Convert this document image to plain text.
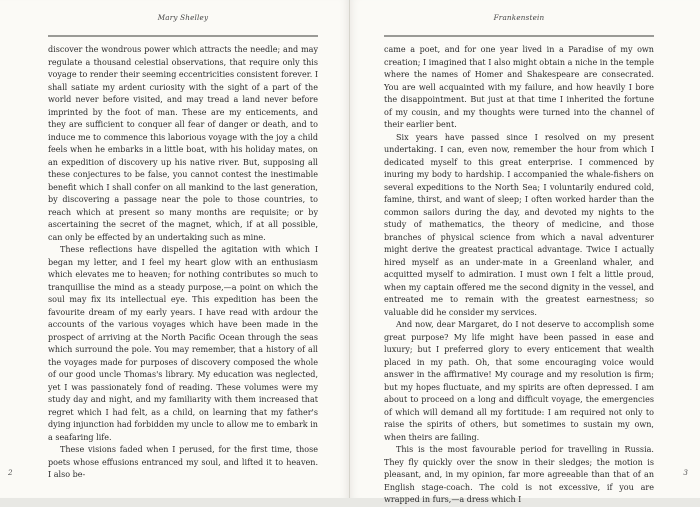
Mary Shelley

discover the wondrous power which attracts the needle; and may regulate a thousand celestial observations, that require only this voyage to render their seeming eccentricities consistent forever. I shall satiate my ardent curiosity with the sight of a part of the world never before visited, and may tread a land never before imprinted by the foot of man. These are my enticements, and they are sufficient to conquer all fear of danger or death, and to induce me to commence this laborious voyage with the joy a child feels when he embarks in a little boat, with his holiday mates, on an expedition of discovery up his native river. But, supposing all these conjectures to be false, you cannot contest the inestimable benefit which I shall confer on all mankind to the last generation, by discovering a passage near the pole to those countries, to reach which at present so many months are requisite; or by ascertaining the secret of the magnet, which, if at all possible, can only be effected by an undertaking such as mine.

These reflections have dispelled the agitation with which I began my letter, and I feel my heart glow with an enthusiasm which elevates me to heaven; for nothing contributes so much to tranquillise the mind as a steady purpose,—a point on which the soul may fix its intellectual eye. This expedition has been the favourite dream of my early years. I have read with ardour the accounts of the various voyages which have been made in the prospect of arriving at the North Pacific Ocean through the seas which surround the pole. You may remember, that a history of all the voyages made for purposes of discovery composed the whole of our good uncle Thomas's library. My education was neglected, yet I was passionately fond of reading. These volumes were my study day and night, and my familiarity with them increased that regret which I had felt, as a child, on learning that my father's dying injunction had forbidden my uncle to allow me to embark in a seafaring life.

These visions faded when I perused, for the first time, those poets whose effusions entranced my soul, and lifted it to heaven. I also be-

2
Frankenstein

came a poet, and for one year lived in a Paradise of my own creation; I imagined that I also might obtain a niche in the temple where the names of Homer and Shakespeare are consecrated. You are well acquainted with my failure, and how heavily I bore the disappointment. But just at that time I inherited the fortune of my cousin, and my thoughts were turned into the channel of their earlier bent.

Six years have passed since I resolved on my present undertaking. I can, even now, remember the hour from which I dedicated myself to this great enterprise. I commenced by inuring my body to hardship. I accompanied the whale-fishers on several expeditions to the North Sea; I voluntarily endured cold, famine, thirst, and want of sleep; I often worked harder than the common sailors during the day, and devoted my nights to the study of mathematics, the theory of medicine, and those branches of physical science from which a naval adventurer might derive the greatest practical advantage. Twice I actually hired myself as an under-mate in a Greenland whaler, and acquitted myself to admiration. I must own I felt a little proud, when my captain offered me the second dignity in the vessel, and entreated me to remain with the greatest earnestness; so valuable did he consider my services.

And now, dear Margaret, do I not deserve to accomplish some great purpose? My life might have been passed in ease and luxury; but I preferred glory to every enticement that wealth placed in my path. Oh, that some encouraging voice would answer in the affirmative! My courage and my resolution is firm; but my hopes fluctuate, and my spirits are often depressed. I am about to proceed on a long and difficult voyage, the emergencies of which will demand all my fortitude: I am required not only to raise the spirits of others, but sometimes to sustain my own, when theirs are failing.

This is the most favourable period for travelling in Russia. They fly quickly over the snow in their sledges; the motion is pleasant, and, in my opinion, far more agreeable than that of an English stage-coach. The cold is not excessive, if you are wrapped in furs,—a dress which I

3
